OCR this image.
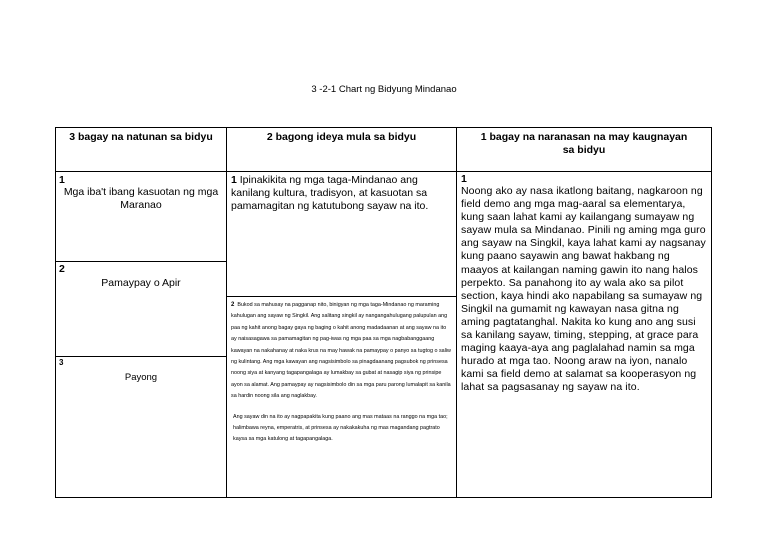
3 -2-1 Chart ng Bidyung Mindanao
3 bagay na natunan sa bidyu	2 bagong ideya mula sa bidyu	1 bagay na naranasan na may kaugnayan sa bidyu
1
Mga iba't ibang kasuotan ng mga Maranao
2
Pamaypay o Apir
3
Payong
1 Ipinakikita ng mga taga-Mindanao ang kanilang kultura, tradisyon, at kasuotan sa pamamagitan ng katutubong sayaw na ito.
2 Bukod sa mahusay na pagganap nito, binigyan ng mga taga-Mindanao ng maraming kahulugan ang sayaw ng Singkil. Ang salitang singkil ay nangangahulugang palupulan ang paa ng kahit anong bagay gaya ng baging o kahit anong madadaanan at ang sayaw na ito ay naisasagawa sa pamamagitan ng pag-iwas ng mga paa sa mga nagbabanggaang kawayan na nakahanay at naka krus na may hawak na pamaypay o panyo sa tugtog o saliw ng kulintang. Ang mga kawayan ang nagsisimbolo sa pinagdaanang pagsubok ng prinsesa noong siya at kanyang tagapangalaga ay lumakbay sa gubat at nasagip siya ng prinsipe ayon sa alamat. Ang pamaypay ay nagsisimbolo din sa mga paru parong lumalapit sa kanila sa hardin noong sila ang naglakbay.
Ang sayaw din na ito ay nagpapakita kung paano ang mas mataas na ranggo na mga tao; halimbawa reyna, emperatris, at prinsesa ay nakakakuha ng mas magandang pagtrato kaysa sa mga katulong at tagapangalaga.
1
Noong ako ay nasa ikatlong baitang, nagkaroon ng field demo ang mga mag-aaral sa elementarya, kung saan lahat kami ay kailangang sumayaw ng sayaw mula sa Mindanao. Pinili ng aming mga guro ang sayaw na Singkil, kaya lahat kami ay nagsanay kung paano sayawin ang bawat hakbang ng maayos at kailangan naming gawin ito nang halos perpekto. Sa panahong ito ay wala ako sa pilot section, kaya hindi ako napabilang sa sumayaw ng Singkil na gumamit ng kawayan nasa gitna ng aming pagtatanghal. Nakita ko kung ano ang susi sa kanilang sayaw, timing, stepping, at grace para maging kaaya-aya ang paglalahad namin sa mga hurado at mga tao. Noong araw na iyon, nanalo kami sa field demo at salamat sa kooperasyon ng lahat sa pagsasanay ng sayaw na ito.
